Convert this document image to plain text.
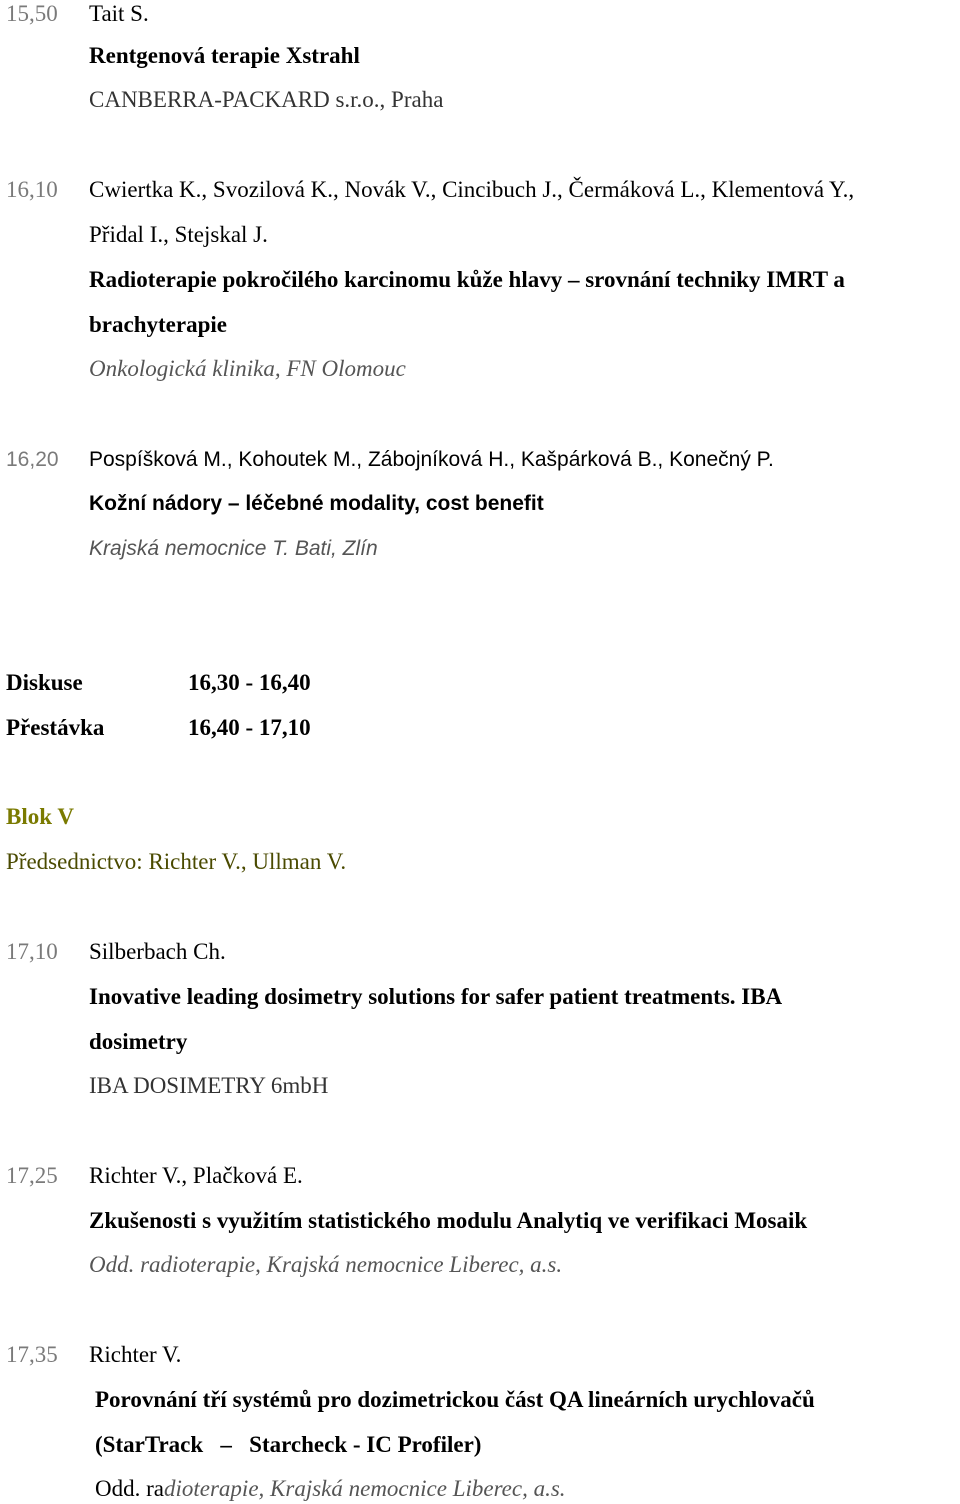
15,50 Tait S.
Rentgenová terapie Xstrahl
CANBERRA-PACKARD s.r.o., Praha
16,10 Cwiertka K., Svozilová K., Novák V., Cincibuch J., Čermáková L., Klementová Y.,
Přidal I., Stejskal J.
Radioterapie pokročilého karcinomu kůže hlavy – srovnání techniky IMRT a
brachyterapie
Onkologická klinika, FN Olomouc
16,20 Pospíšková M., Kohoutek M., Zábojníková H., Kašpárková B., Konečný P.
Kožní nádory – léčebné modality, cost benefit
Krajská nemocnice T. Bati, Zlín
Diskuse	16,30 - 16,40
Přestávka	16,40 - 17,10
Blok V
Předsednictvo: Richter V., Ullman V.
17,10 Silberbach Ch.
Inovative leading dosimetry solutions for safer patient treatments. IBA
dosimetry
IBA DOSIMETRY 6mbH
17,25 Richter V., Plačková E.
Zkušenosti s využitím statistického modulu Analytiq ve verifikaci Mosaik
Odd. radioterapie, Krajská nemocnice Liberec, a.s.
17,35 Richter V.
Porovnání tří systémů pro dozimetrickou část QA lineárních urychlovačů
(StarTrack   –   Starcheck - IC Profiler)
Odd. radioterapie, Krajská nemocnice Liberec, a.s.
